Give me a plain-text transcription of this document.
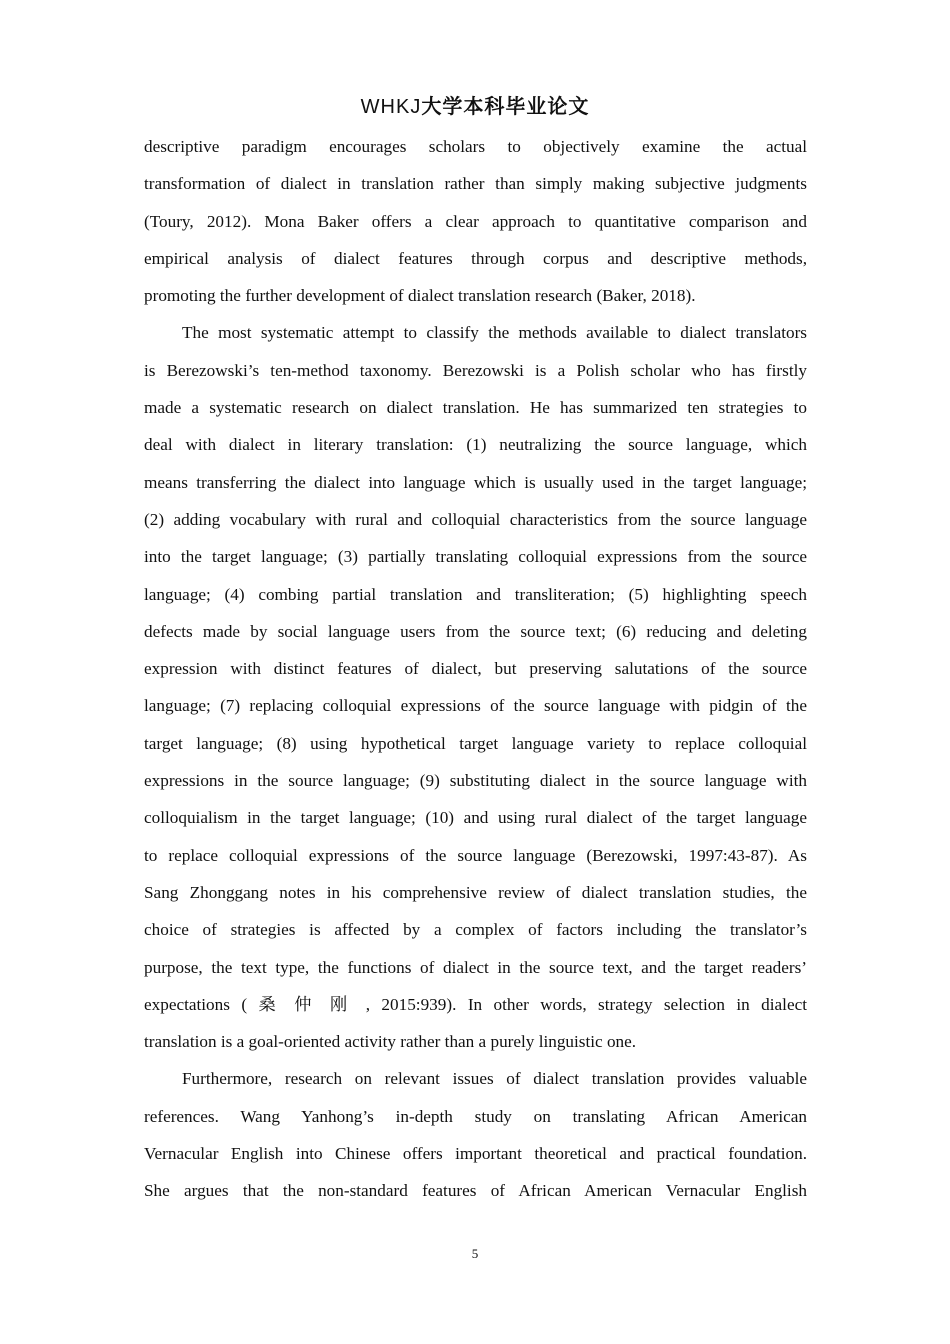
WHKJ大学本科毕业论文
descriptive paradigm encourages scholars to objectively examine the actual
transformation of dialect in translation rather than simply making subjective judgments
(Toury, 2012). Mona Baker offers a clear approach to quantitative comparison and
empirical analysis of dialect features through corpus and descriptive methods,
promoting the further development of dialect translation research (Baker, 2018).
The most systematic attempt to classify the methods available to dialect translators
is Berezowski’s ten-method taxonomy. Berezowski is a Polish scholar who has firstly
made a systematic research on dialect translation. He has summarized ten strategies to
deal with dialect in literary translation: (1) neutralizing the source language, which
means transferring the dialect into language which is usually used in the target language;
(2) adding vocabulary with rural and colloquial characteristics from the source language
into the target language; (3) partially translating colloquial expressions from the source
language; (4) combing partial translation and transliteration; (5) highlighting speech
defects made by social language users from the source text; (6) reducing and deleting
expression with distinct features of dialect, but preserving salutations of the source
language; (7) replacing colloquial expressions of the source language with pidgin of the
target language; (8) using hypothetical target language variety to replace colloquial
expressions in the source language; (9) substituting dialect in the source language with
colloquialism in the target language; (10) and using rural dialect of the target language
to replace colloquial expressions of the source language (Berezowski, 1997:43-87). As
Sang Zhonggang notes in his comprehensive review of dialect translation studies, the
choice of strategies is affected by a complex of factors including the translator’s
purpose, the text type, the functions of dialect in the source text, and the target readers’
expectations ( 桑 仲 刚 , 2015:939). In other words, strategy selection in dialect
translation is a goal-oriented activity rather than a purely linguistic one.
Furthermore, research on relevant issues of dialect translation provides valuable
references. Wang Yanhong’s in-depth study on translating African American
Vernacular English into Chinese offers important theoretical and practical foundation.
She argues that the non-standard features of African American Vernacular English
5
